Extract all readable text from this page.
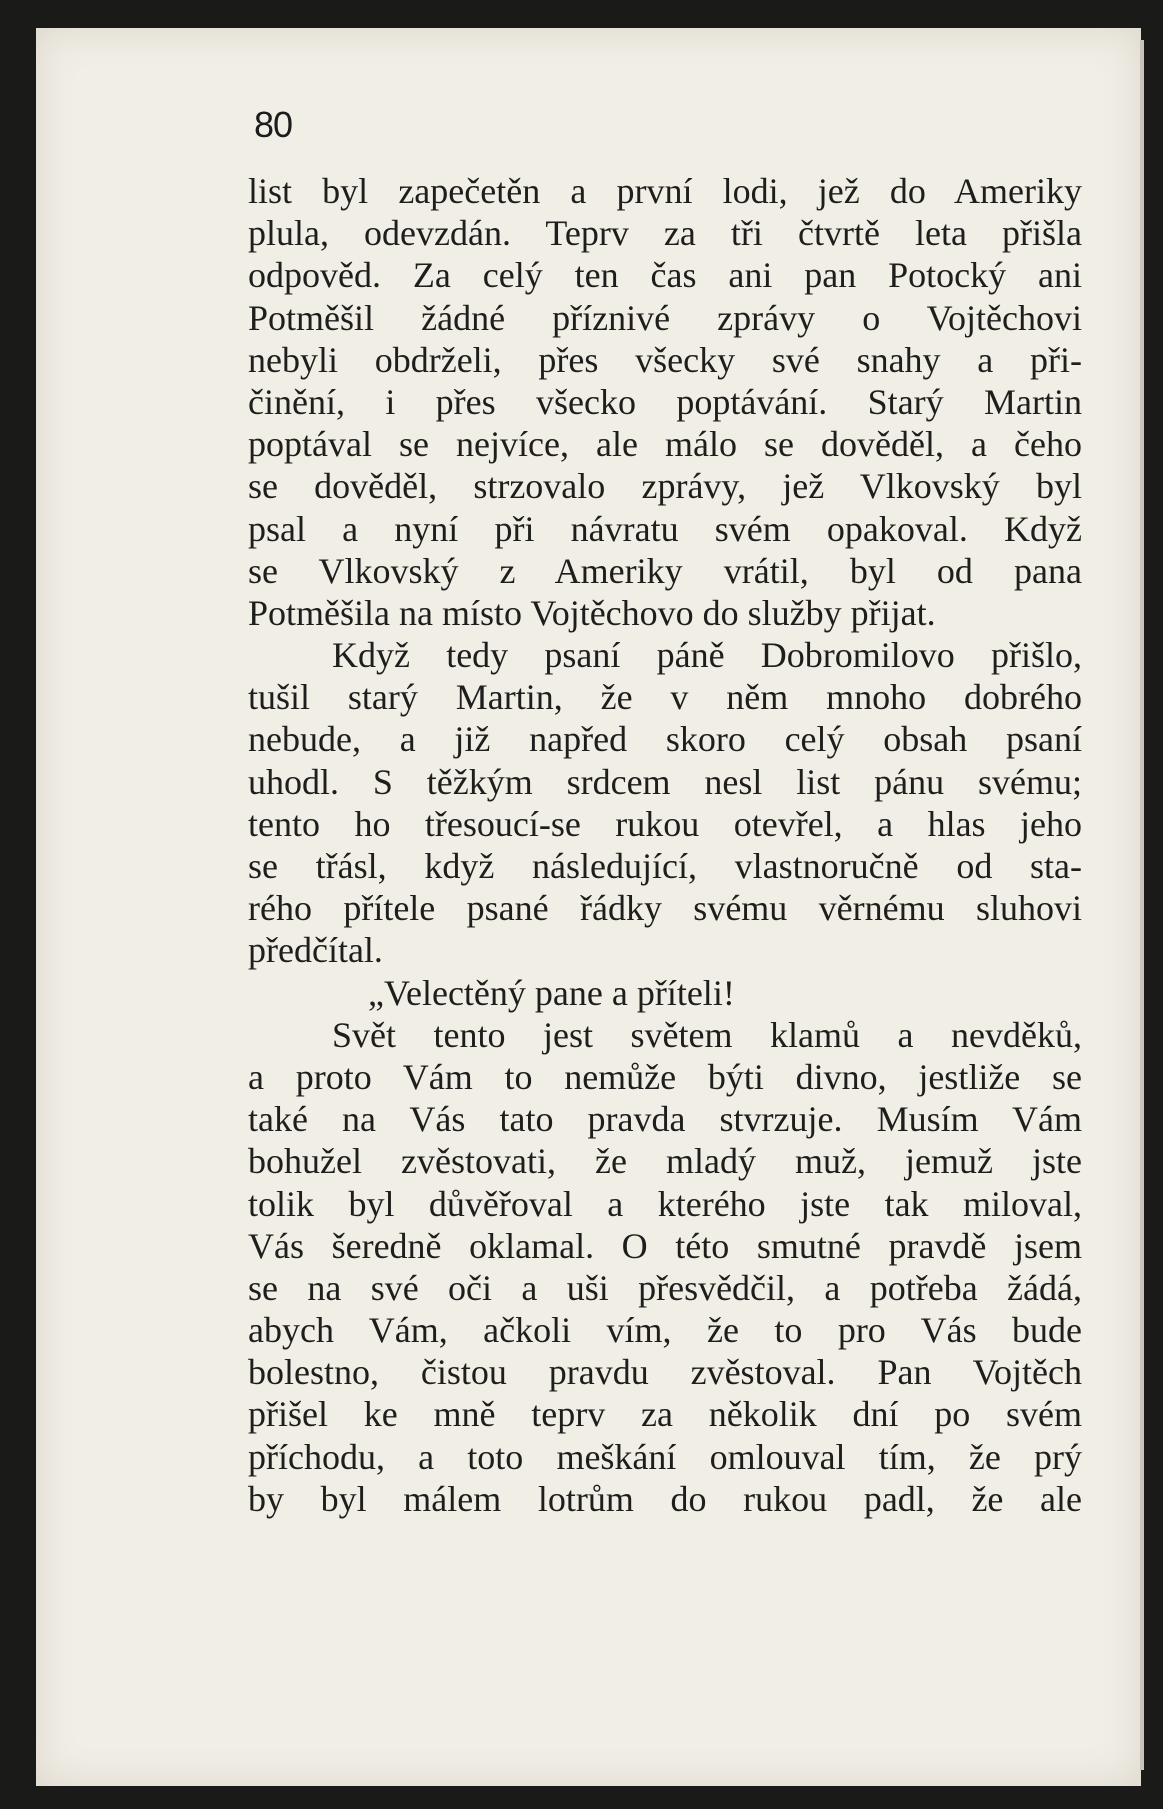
80

list byl zapečetěn a první lodi, jež do Ameriky
plula, odevzdán. Teprv za tři čtvrtě leta přišla
odpověd. Za celý ten čas ani pan Potocký ani
Potměšil žádné příznivé zprávy o Vojtěchovi
nebyli obdrželi, přes všecky své snahy a při-
činění, i přes všecko poptávání. Starý Martin
poptával se nejvíce, ale málo se dověděl, a čeho
se dověděl, strzovalo zprávy, jež Vlkovský byl
psal a nyní při návratu svém opakoval. Když
se Vlkovský z Ameriky vrátil, byl od pana
Potměšila na místo Vojtěchovo do služby přijat.
Když tedy psaní páně Dobromilovo přišlo,
tušil starý Martin, že v něm mnoho dobrého
nebude, a již napřed skoro celý obsah psaní
uhodl. S těžkým srdcem nesl list pánu svému;
tento ho třesoucí-se rukou otevřel, a hlas jeho
se třásl, když následující, vlastnoručně od sta-
rého přítele psané řádky svému věrnému sluhovi
předčítal.
„Velectěný pane a příteli!
Svět tento jest světem klamů a nevděků,
a proto Vám to nemůže býti divno, jestliže se
také na Vás tato pravda stvrzuje. Musím Vám
bohužel zvěstovati, že mladý muž, jemuž jste
tolik byl důvěřoval a kterého jste tak miloval,
Vás šeredně oklamal. O této smutné pravdě jsem
se na své oči a uši přesvědčil, a potřeba žádá,
abych Vám, ačkoli vím, že to pro Vás bude
bolestno, čistou pravdu zvěstoval. Pan Vojtěch
přišel ke mně teprv za několik dní po svém
příchodu, a toto meškání omlouval tím, že prý
by byl málem lotrům do rukou padl, že ale
